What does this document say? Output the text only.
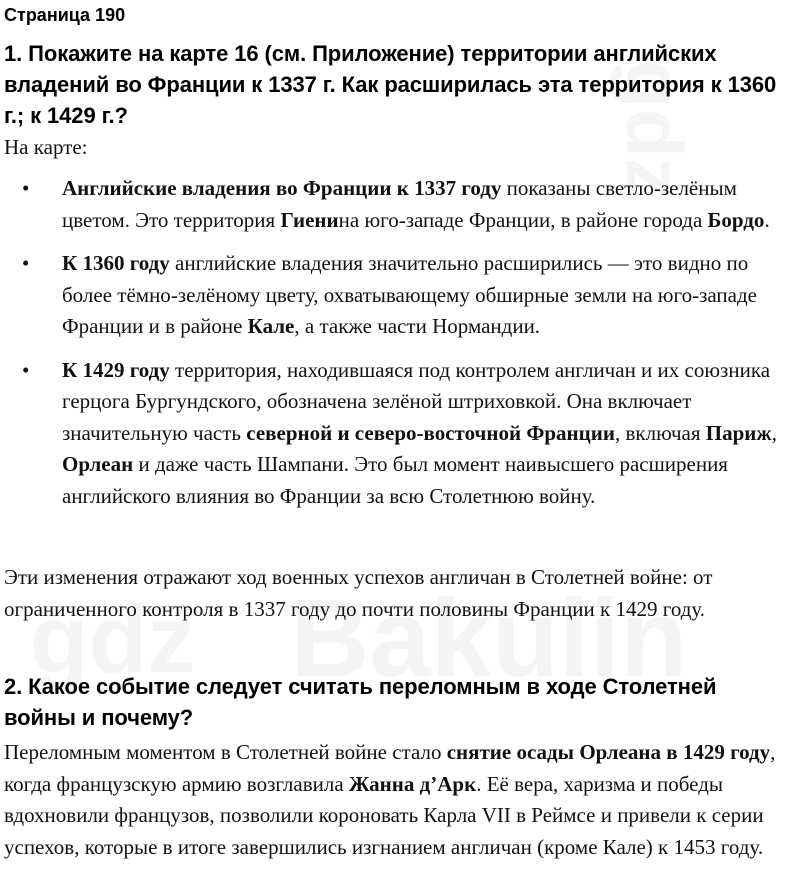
Страница 190
1. Покажите на карте 16 (см. Приложение) территории английских владений во Франции к 1337 г. Как расширилась эта территория к 1360 г.; к 1429 г.?
На карте:
• Английские владения во Франции к 1337 году показаны светло-зелёным цветом. Это территория Гиенина юго-западе Франции, в районе города Бордо.
• К 1360 году английские владения значительно расширились — это видно по более тёмно-зелёному цвету, охватывающему обширные земли на юго-западе Франции и в районе Кале, а также части Нормандии.
• К 1429 году территория, находившаяся под контролем англичан и их союзника герцога Бургундского, обозначена зелёной штриховкой. Она включает значительную часть северной и северо-восточной Франции, включая Париж, Орлеан и даже часть Шампани. Это был момент наивысшего расширения английского влияния во Франции за всю Столетнюю войну.
Эти изменения отражают ход военных успехов англичан в Столетней войне: от ограниченного контроля в 1337 году до почти половины Франции к 1429 году.
2. Какое событие следует считать переломным в ходе Столетней войны и почему?
Переломным моментом в Столетней войне стало снятие осады Орлеана в 1429 году, когда французскую армию возглавила Жанна д’Арк. Её вера, харизма и победы вдохновили французов, позволили короновать Карла VII в Реймсе и привели к серии успехов, которые в итоге завершились изгнанием англичан (кроме Кале) к 1453 году.
